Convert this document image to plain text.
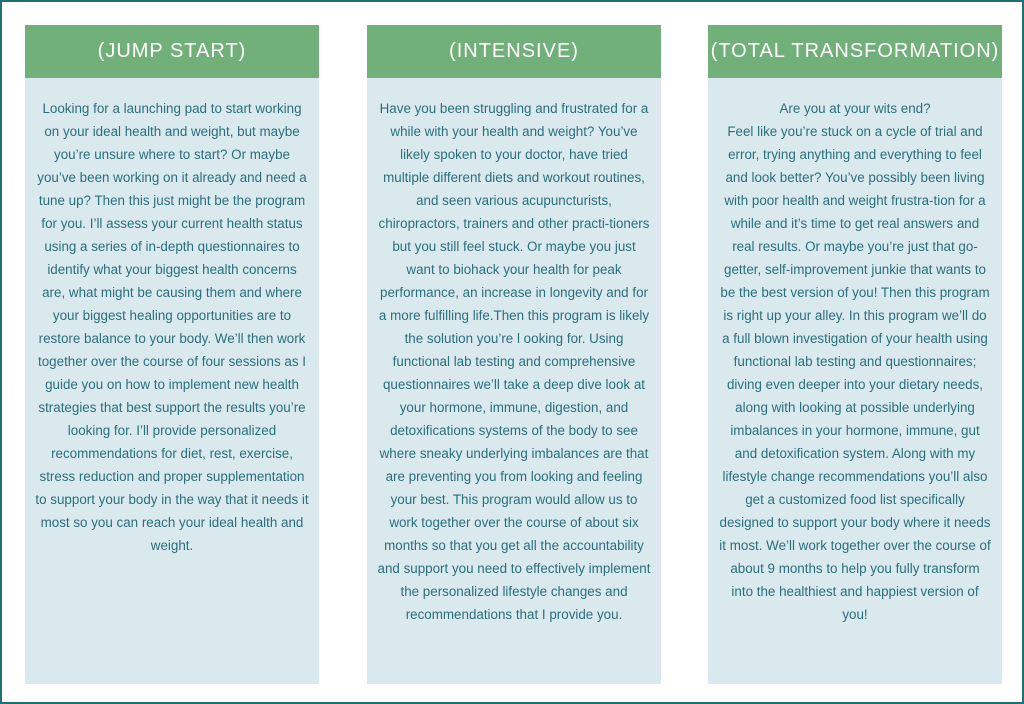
(JUMP START)

Looking for a launching pad to start working on your ideal health and weight, but maybe you’re unsure where to start? Or maybe you’ve been working on it already and need a tune up? Then this just might be the program for you. I’ll assess your current health status using a series of in-depth questionnaires to identify what your biggest health concerns are, what might be causing them and where your biggest healing opportunities are to restore balance to your body. We’ll then work together over the course of four sessions as I guide you on how to implement new health strategies that best support the results you’re looking for. I’ll provide personalized recommendations for diet, rest, exercise, stress reduction and proper supplementation to support your body in the way that it needs it most so you can reach your ideal health and weight.

(INTENSIVE)

Have you been struggling and frustrated for a while with your health and weight? You’ve likely spoken to your doctor, have tried multiple different diets and workout routines, and seen various acupuncturists, chiropractors, trainers and other practi-tioners but you still feel stuck. Or maybe you just want to biohack your health for peak performance, an increase in longevity and for a more fulfilling life.Then this program is likely the solution you’re l ooking for. Using functional lab testing and comprehensive questionnaires we’ll take a deep dive look at your hormone, immune, digestion, and detoxifications systems of the body to see where sneaky underlying imbalances are that are preventing you from looking and feeling your best. This program would allow us to work together over the course of about six months so that you get all the accountability and support you need to effectively implement the personalized lifestyle changes and recommendations that I provide you.

(TOTAL TRANSFORMATION)

Are you at your wits end?

Feel like you’re stuck on a cycle of trial and error, trying anything and everything to feel and look better? You’ve possibly been living with poor health and weight frustra-tion for a while and it’s time to get real answers and real results. Or maybe you’re just that go-getter, self-improvement junkie that wants to be the best version of you! Then this program is right up your alley. In this program we’ll do a full blown investigation of your health using functional lab testing and questionnaires; diving even deeper into your dietary needs, along with looking at possible underlying imbalances in your hormone, immune, gut and detoxification system. Along with my lifestyle change recommendations you’ll also get a customized food list specifically designed to support your body where it needs it most. We’ll work together over the course of about 9 months to help you fully transform into the healthiest and happiest version of you!
